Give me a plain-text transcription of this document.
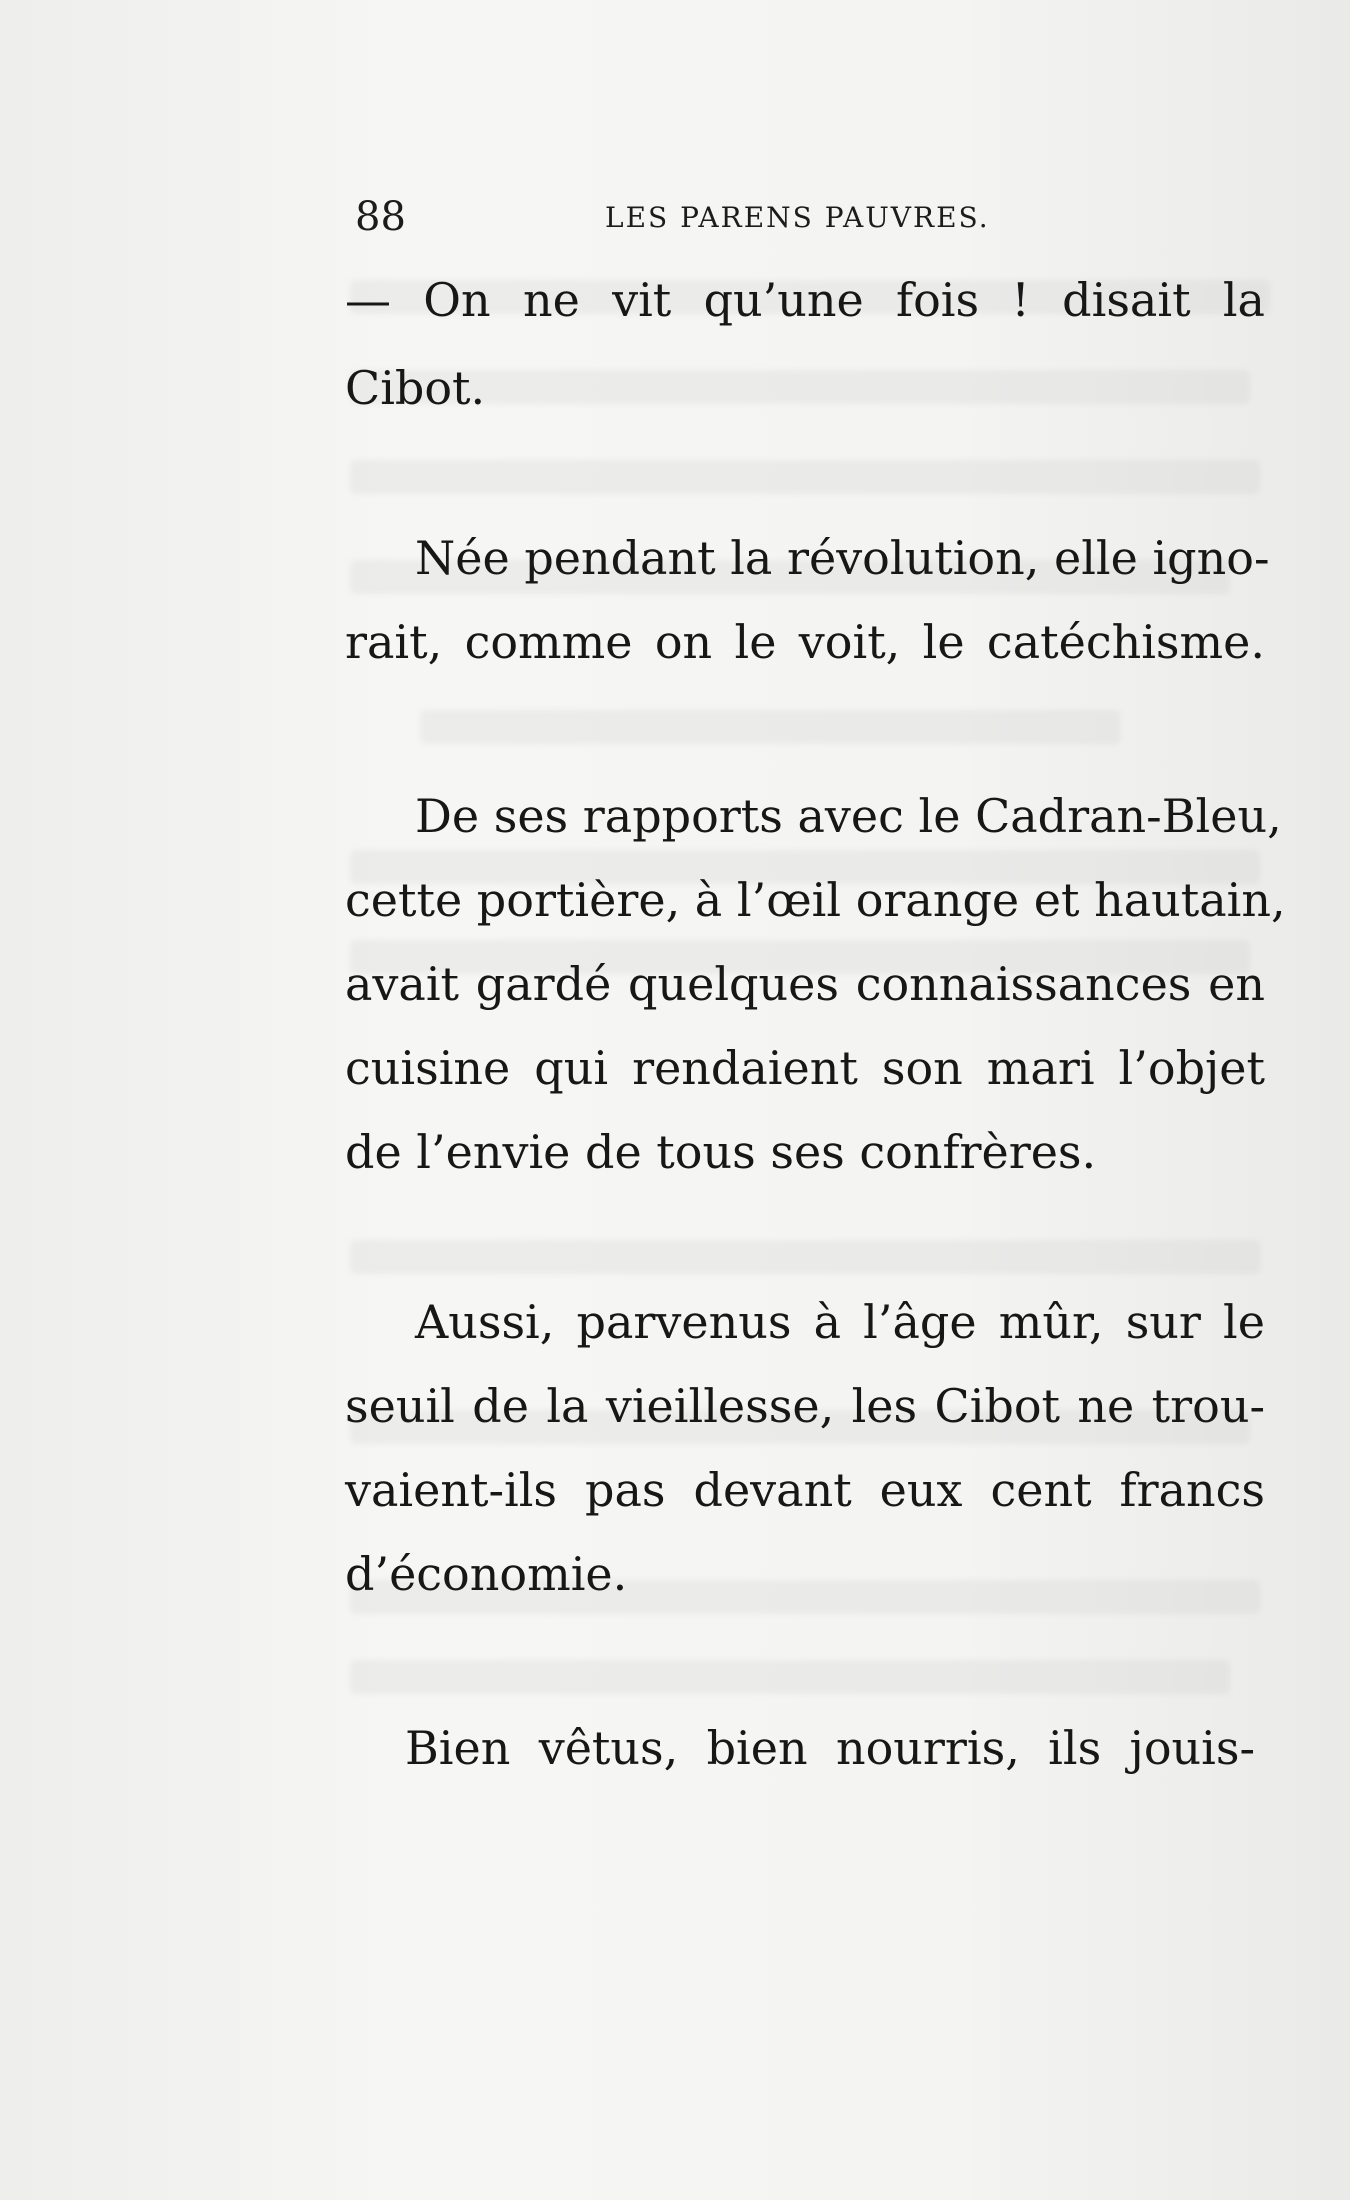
88	LES PARENS PAUVRES.
— On ne vit qu’une fois ! disait la
Cibot.
Née pendant la révolution, elle igno-
rait, comme on le voit, le catéchisme.
De ses rapports avec le Cadran-Bleu,
cette portière, à l’œil orange et hautain,
avait gardé quelques connaissances en
cuisine qui rendaient son mari l’objet
de l’envie de tous ses confrères.
Aussi, parvenus à l’âge mûr, sur le
seuil de la vieillesse, les Cibot ne trou-
vaient-ils pas devant eux cent francs
d’économie.
Bien vêtus, bien nourris, ils jouis-
